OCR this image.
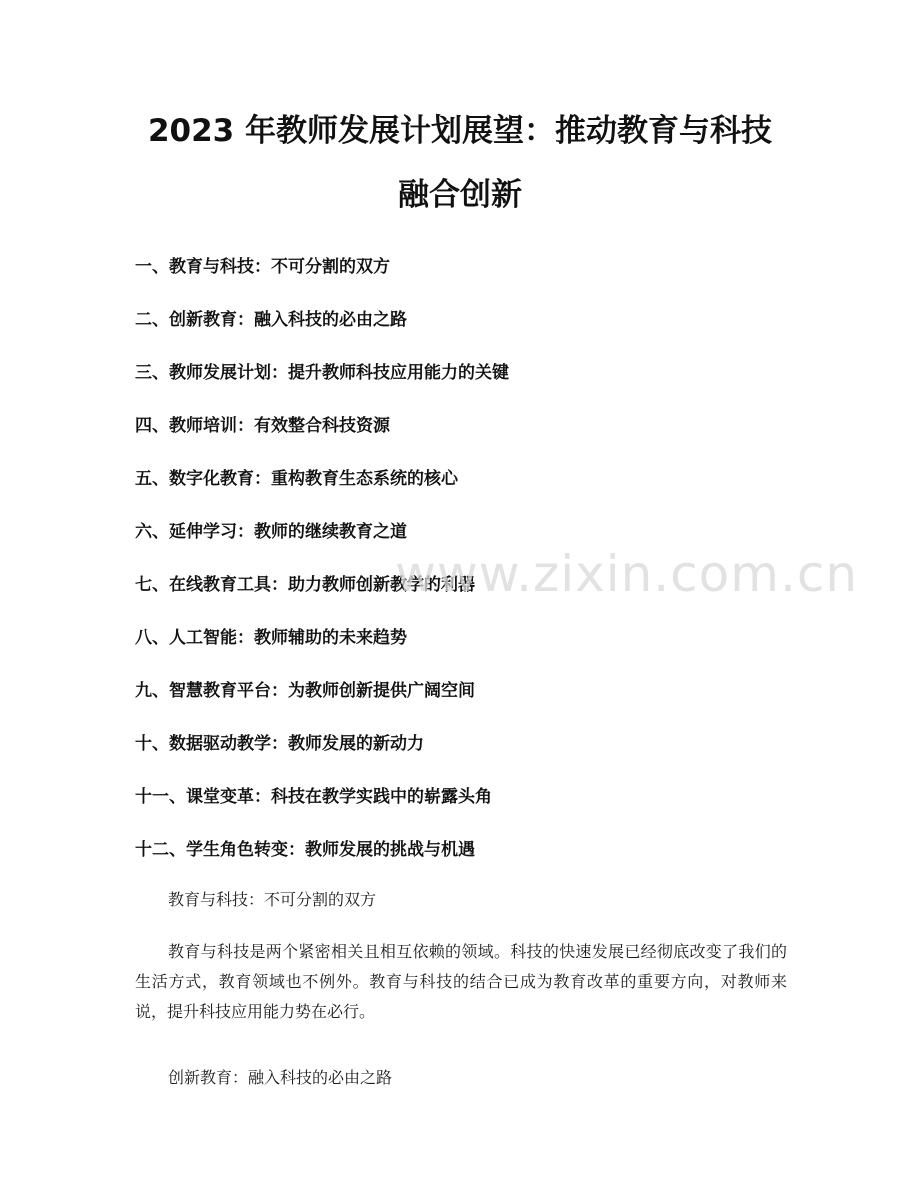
2023 年教师发展计划展望：推动教育与科技
融合创新
一、教育与科技：不可分割的双方
二、创新教育：融入科技的必由之路
三、教师发展计划：提升教师科技应用能力的关键
四、教师培训：有效整合科技资源
五、数字化教育：重构教育生态系统的核心
六、延伸学习：教师的继续教育之道
七、在线教育工具：助力教师创新教学的利器
八、人工智能：教师辅助的未来趋势
九、智慧教育平台：为教师创新提供广阔空间
十、数据驱动教学：教师发展的新动力
十一、课堂变革：科技在教学实践中的崭露头角
十二、学生角色转变：教师发展的挑战与机遇

教育与科技：不可分割的双方

教育与科技是两个紧密相关且相互依赖的领域。科技的快速发展已经彻底改变了我们的生活方式，教育领域也不例外。教育与科技的结合已成为教育改革的重要方向，对教师来说，提升科技应用能力势在必行。

创新教育：融入科技的必由之路

www.zixin.com.cn
